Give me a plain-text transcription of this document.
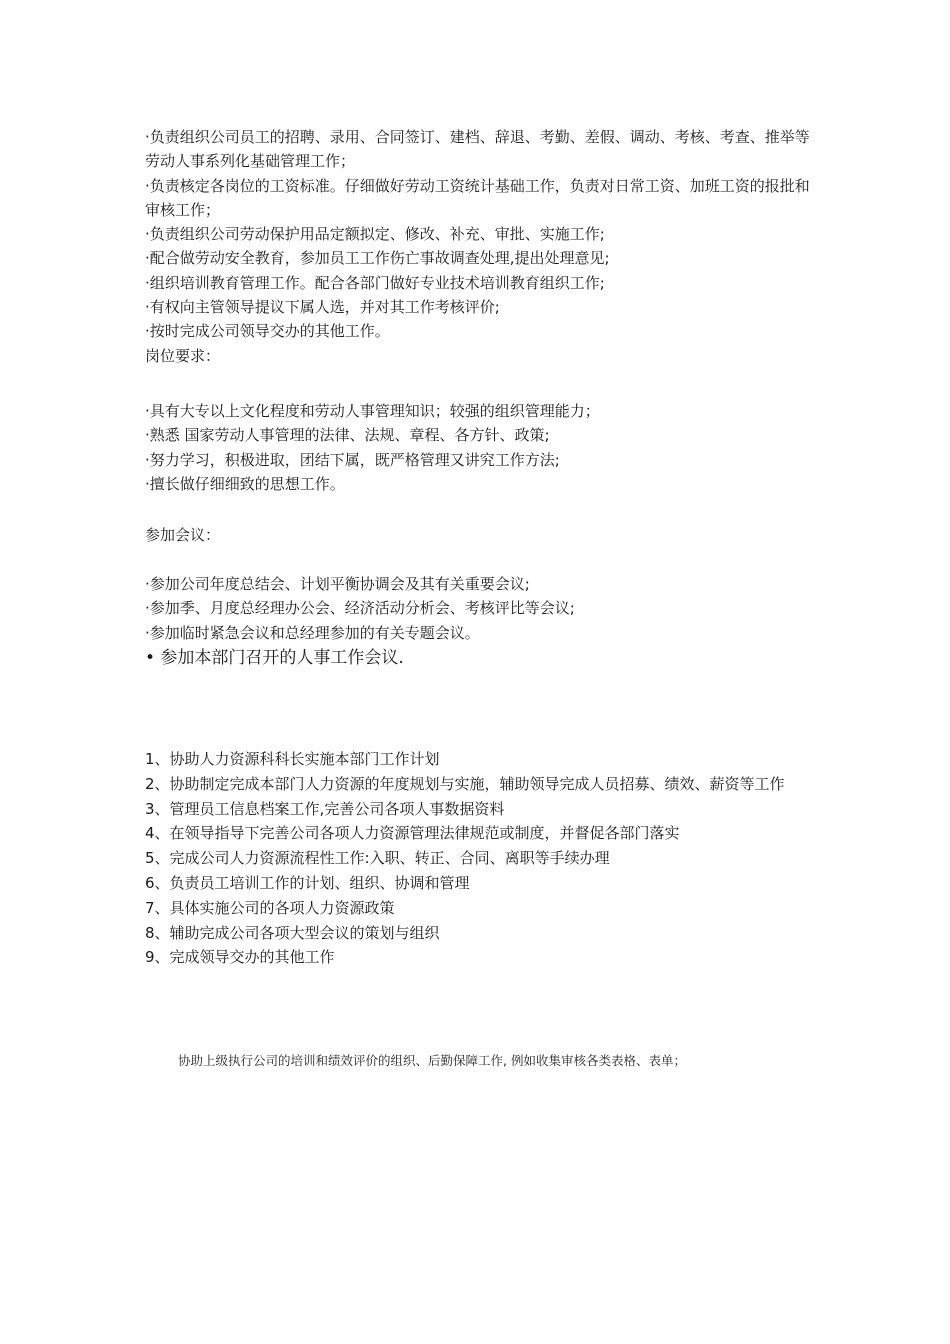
·负责组织公司员工的招聘、录用、合同签订、建档、辞退、考勤、差假、调动、考核、考查、推举等劳动人事系列化基础管理工作；
·负责核定各岗位的工资标准。仔细做好劳动工资统计基础工作，负责对日常工资、加班工资的报批和审核工作；
·负责组织公司劳动保护用品定额拟定、修改、补充、审批、实施工作;
·配合做劳动安全教育，参加员工工作伤亡事故调查处理,提出处理意见;
·组织培训教育管理工作。配合各部门做好专业技术培训教育组织工作;
·有权向主管领导提议下属人选，并对其工作考核评价;
·按时完成公司领导交办的其他工作。
岗位要求：
·具有大专以上文化程度和劳动人事管理知识；较强的组织管理能力；
·熟悉 国家劳动人事管理的法律、法规、章程、各方针、政策;
·努力学习，积极进取，团结下属，既严格管理又讲究工作方法;
·擅长做仔细细致的思想工作。
参加会议：
·参加公司年度总结会、计划平衡协调会及其有关重要会议;
·参加季、月度总经理办公会、经济活动分析会、考核评比等会议;
·参加临时紧急会议和总经理参加的有关专题会议。
• 参加本部门召开的人事工作会议.
1、协助人力资源科科长实施本部门工作计划
2、协助制定完成本部门人力资源的年度规划与实施，辅助领导完成人员招募、绩效、薪资等工作
3、管理员工信息档案工作,完善公司各项人事数据资料
4、在领导指导下完善公司各项人力资源管理法律规范或制度，并督促各部门落实
5、完成公司人力资源流程性工作:入职、转正、合同、离职等手续办理
6、负责员工培训工作的计划、组织、协调和管理
7、具体实施公司的各项人力资源政策
8、辅助完成公司各项大型会议的策划与组织
9、完成领导交办的其他工作
协助上级执行公司的培训和绩效评价的组织、后勤保障工作, 例如收集审核各类表格、表单；
